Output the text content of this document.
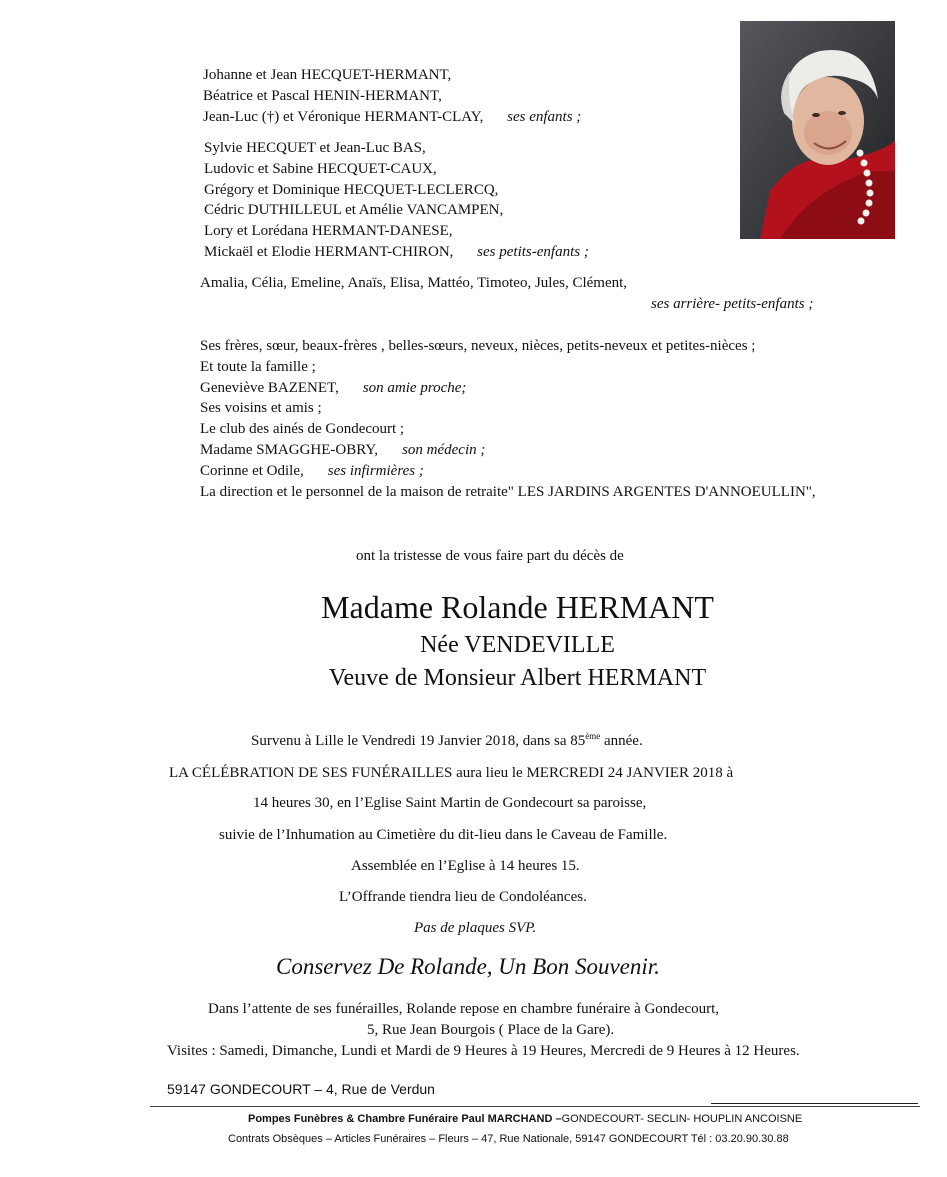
Johanne et Jean HECQUET-HERMANT,
Béatrice et Pascal HENIN-HERMANT,
Jean-Luc (†) et Véronique HERMANT-CLAY, ses enfants ;
Sylvie HECQUET et Jean-Luc BAS,
Ludovic et Sabine HECQUET-CAUX,
Grégory et Dominique HECQUET-LECLERCQ,
Cédric DUTHILLEUL et Amélie VANCAMPEN,
Lory et Lorédana HERMANT-DANESE,
Mickaël et Elodie HERMANT-CHIRON, ses petits-enfants ;
Amalia, Célia, Emeline, Anaïs, Elisa, Mattéo, Timoteo, Jules, Clément,
ses arrière- petits-enfants ;
Ses frères, sœur, beaux-frères , belles-sœurs, neveux, nièces, petits-neveux et petites-nièces ;
Et toute la famille ;
Geneviève BAZENET, son amie proche;
Ses voisins et amis ;
Le club des ainés de Gondecourt ;
Madame SMAGGHE-OBRY, son médecin ;
Corinne et Odile, ses infirmières ;
La direction et le personnel de la maison de retraite" LES JARDINS ARGENTES D'ANNOEULLIN",
ont la tristesse de vous faire part du décès de
Madame Rolande HERMANT
Née VENDEVILLE
Veuve de Monsieur Albert HERMANT
Survenu à Lille le Vendredi 19 Janvier 2018, dans sa 85ème année.
LA CÉLÉBRATION DE SES FUNÉRAILLES aura lieu le MERCREDI 24 JANVIER 2018 à
14 heures 30, en l’Eglise Saint Martin de Gondecourt sa paroisse,
suivie de l’Inhumation au Cimetière du dit-lieu dans le Caveau de Famille.
Assemblée en l’Eglise à 14 heures 15.
L’Offrande tiendra lieu de Condoléances.
Pas de plaques SVP.
Conservez De Rolande, Un Bon Souvenir.
Dans l’attente de ses funérailles, Rolande repose en chambre funéraire à Gondecourt,
5, Rue Jean Bourgois ( Place de la Gare).
Visites : Samedi, Dimanche, Lundi et Mardi de 9 Heures à 19 Heures, Mercredi de 9 Heures à 12 Heures.
59147 GONDECOURT – 4, Rue de Verdun
Pompes Funèbres & Chambre Funéraire Paul MARCHAND –GONDECOURT- SECLIN- HOUPLIN ANCOISNE
Contrats Obsèques – Articles Funéraires – Fleurs – 47, Rue Nationale, 59147 GONDECOURT Tél : 03.20.90.30.88
